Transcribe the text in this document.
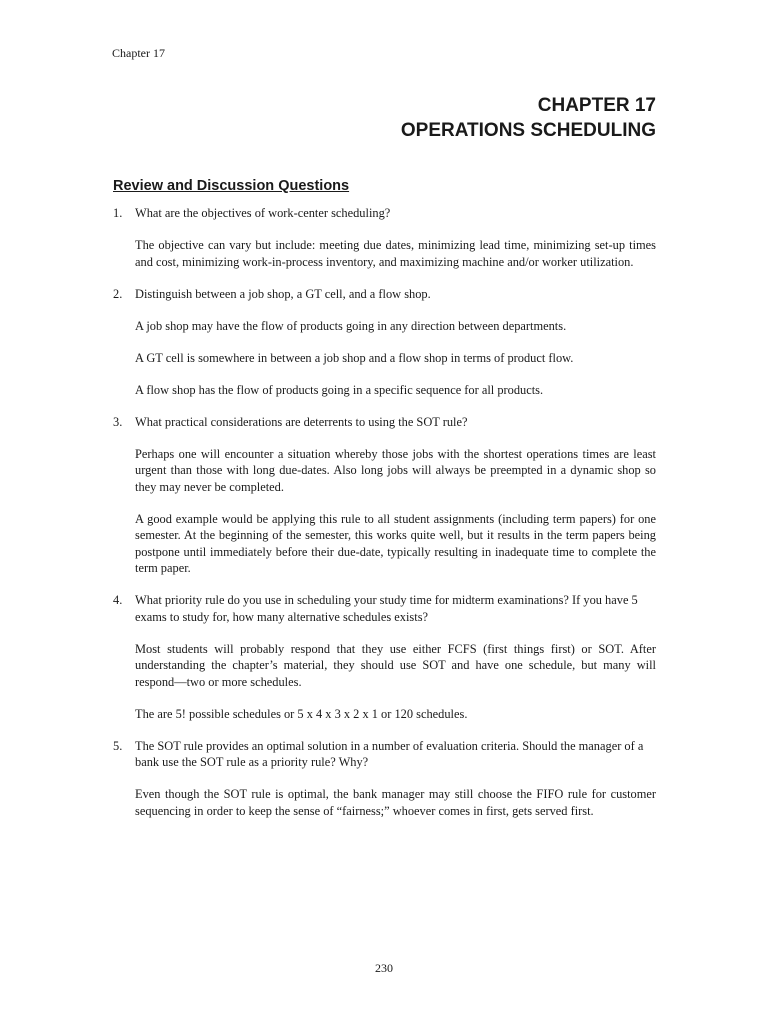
Chapter 17
CHAPTER 17
OPERATIONS SCHEDULING
Review and Discussion Questions
1. What are the objectives of work-center scheduling?

The objective can vary but include: meeting due dates, minimizing lead time, minimizing set-up times and cost, minimizing work-in-process inventory, and maximizing machine and/or worker utilization.

2. Distinguish between a job shop, a GT cell, and a flow shop.

A job shop may have the flow of products going in any direction between departments.

A GT cell is somewhere in between a job shop and a flow shop in terms of product flow.

A flow shop has the flow of products going in a specific sequence for all products.

3. What practical considerations are deterrents to using the SOT rule?

Perhaps one will encounter a situation whereby those jobs with the shortest operations times are least urgent than those with long due-dates. Also long jobs will always be preempted in a dynamic shop so they may never be completed.

A good example would be applying this rule to all student assignments (including term papers) for one semester. At the beginning of the semester, this works quite well, but it results in the term papers being postpone until immediately before their due-date, typically resulting in inadequate time to complete the term paper.

4. What priority rule do you use in scheduling your study time for midterm examinations? If you have 5 exams to study for, how many alternative schedules exists?

Most students will probably respond that they use either FCFS (first things first) or SOT. After understanding the chapter’s material, they should use SOT and have one schedule, but many will respond—two or more schedules.

The are 5! possible schedules or 5 x 4 x 3 x 2 x 1 or 120 schedules.

5. The SOT rule provides an optimal solution in a number of evaluation criteria. Should the manager of a bank use the SOT rule as a priority rule? Why?

Even though the SOT rule is optimal, the bank manager may still choose the FIFO rule for customer sequencing in order to keep the sense of “fairness;” whoever comes in first, gets served first.

230
